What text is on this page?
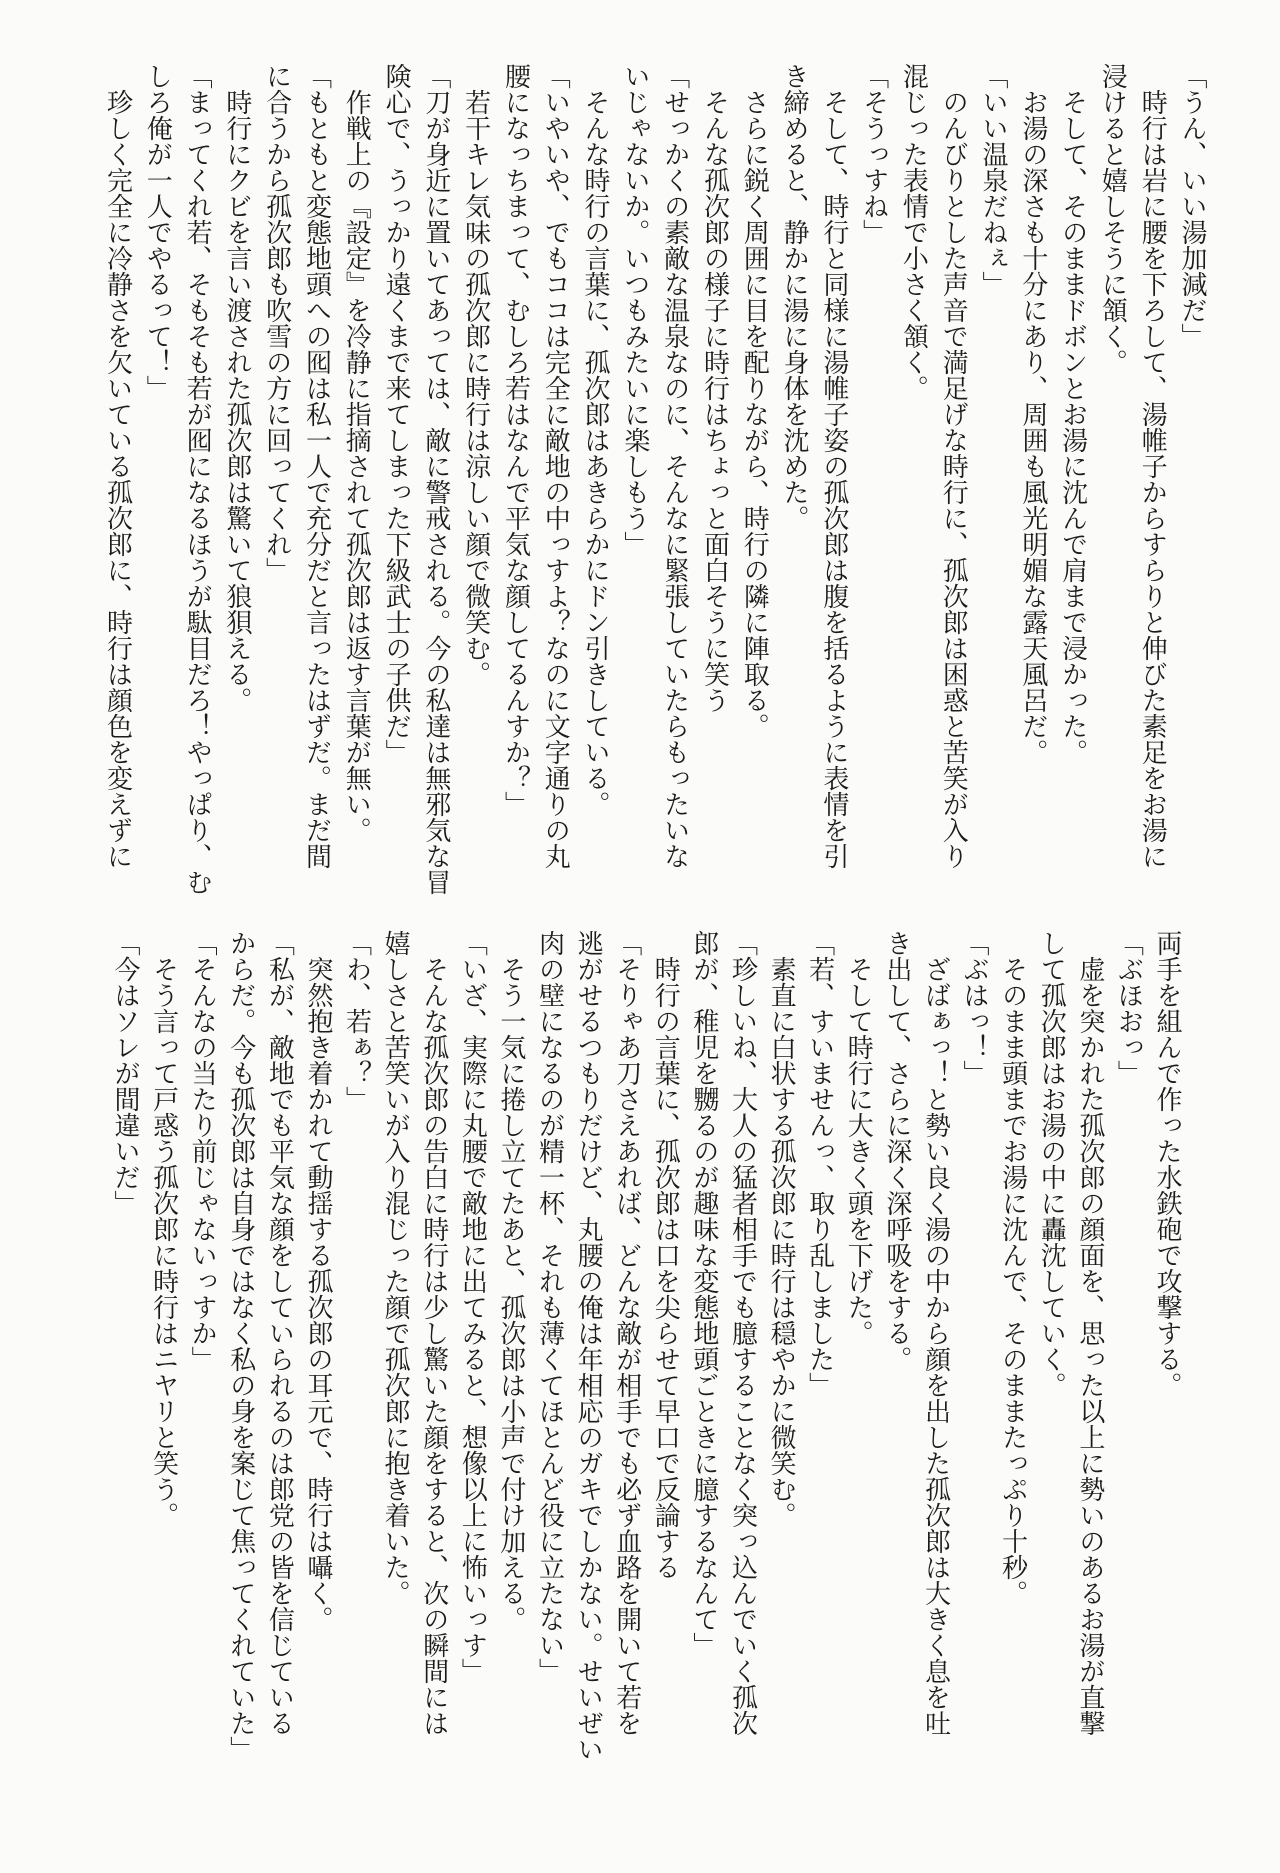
「うん、いい湯加減だ」
時行は岩に腰を下ろして、湯帷子からすらりと伸びた素足をお湯に
浸けると嬉しそうに頷く。
そして、そのままドボンとお湯に沈んで肩まで浸かった。
お湯の深さも十分にあり、周囲も風光明媚な露天風呂だ。
「いい温泉だねぇ」
のんびりとした声音で満足げな時行に、孤次郎は困惑と苦笑が入り
混じった表情で小さく頷く。
「そうっすね」
そして、時行と同様に湯帷子姿の孤次郎は腹を括るように表情を引
き締めると、静かに湯に身体を沈めた。
さらに鋭く周囲に目を配りながら、時行の隣に陣取る。
そんな孤次郎の様子に時行はちょっと面白そうに笑う
「せっかくの素敵な温泉なのに、そんなに緊張していたらもったいな
いじゃないか。いつもみたいに楽しもう」
そんな時行の言葉に、孤次郎はあきらかにドン引きしている。
「いやいや、でもココは完全に敵地の中っすよ？なのに文字通りの丸
腰になっちまって、むしろ若はなんで平気な顔してるんすか？」
若干キレ気味の孤次郎に時行は涼しい顔で微笑む。
「刀が身近に置いてあっては、敵に警戒される。今の私達は無邪気な冒
険心で、うっかり遠くまで来てしまった下級武士の子供だ」
作戦上の『設定』を冷静に指摘されて孤次郎は返す言葉が無い。
「もともと変態地頭への囮は私一人で充分だと言ったはずだ。まだ間
に合うから孤次郎も吹雪の方に回ってくれ」
時行にクビを言い渡された孤次郎は驚いて狼狽える。
「まってくれ若、そもそも若が囮になるほうが駄目だろ！やっぱり、む
しろ俺が一人でやるって！」
珍しく完全に冷静さを欠いている孤次郎に、時行は顔色を変えずに
両手を組んで作った水鉄砲で攻撃する。
「ぶほおっ」
虚を突かれた孤次郎の顔面を、思った以上に勢いのあるお湯が直撃
して孤次郎はお湯の中に轟沈していく。
そのまま頭までお湯に沈んで、そのままたっぷり十秒。
「ぶはっ！」
ざばぁっ！と勢い良く湯の中から顔を出した孤次郎は大きく息を吐
き出して、さらに深く深呼吸をする。
そして時行に大きく頭を下げた。
「若、すいませんっ、取り乱しました」
素直に白状する孤次郎に時行は穏やかに微笑む。
「珍しいね、大人の猛者相手でも臆することなく突っ込んでいく孤次
郎が、稚児を嬲るのが趣味な変態地頭ごときに臆するなんて」
時行の言葉に、孤次郎は口を尖らせて早口で反論する
「そりゃあ刀さえあれば、どんな敵が相手でも必ず血路を開いて若を
逃がせるつもりだけど、丸腰の俺は年相応のガキでしかない。せいぜい
肉の壁になるのが精一杯、それも薄くてほとんど役に立たない」
そう一気に捲し立てたあと、孤次郎は小声で付け加える。
「いざ、実際に丸腰で敵地に出てみると、想像以上に怖いっす」
そんな孤次郎の告白に時行は少し驚いた顔をすると、次の瞬間には
嬉しさと苦笑いが入り混じった顔で孤次郎に抱き着いた。
「わ、若ぁ？」
突然抱き着かれて動揺する孤次郎の耳元で、時行は囁く。
「私が、敵地でも平気な顔をしていられるのは郎党の皆を信じている
からだ。今も孤次郎は自身ではなく私の身を案じて焦ってくれていた」
「そんなの当たり前じゃないっすか」
そう言って戸惑う孤次郎に時行はニヤリと笑う。
「今はソレが間違いだ」
